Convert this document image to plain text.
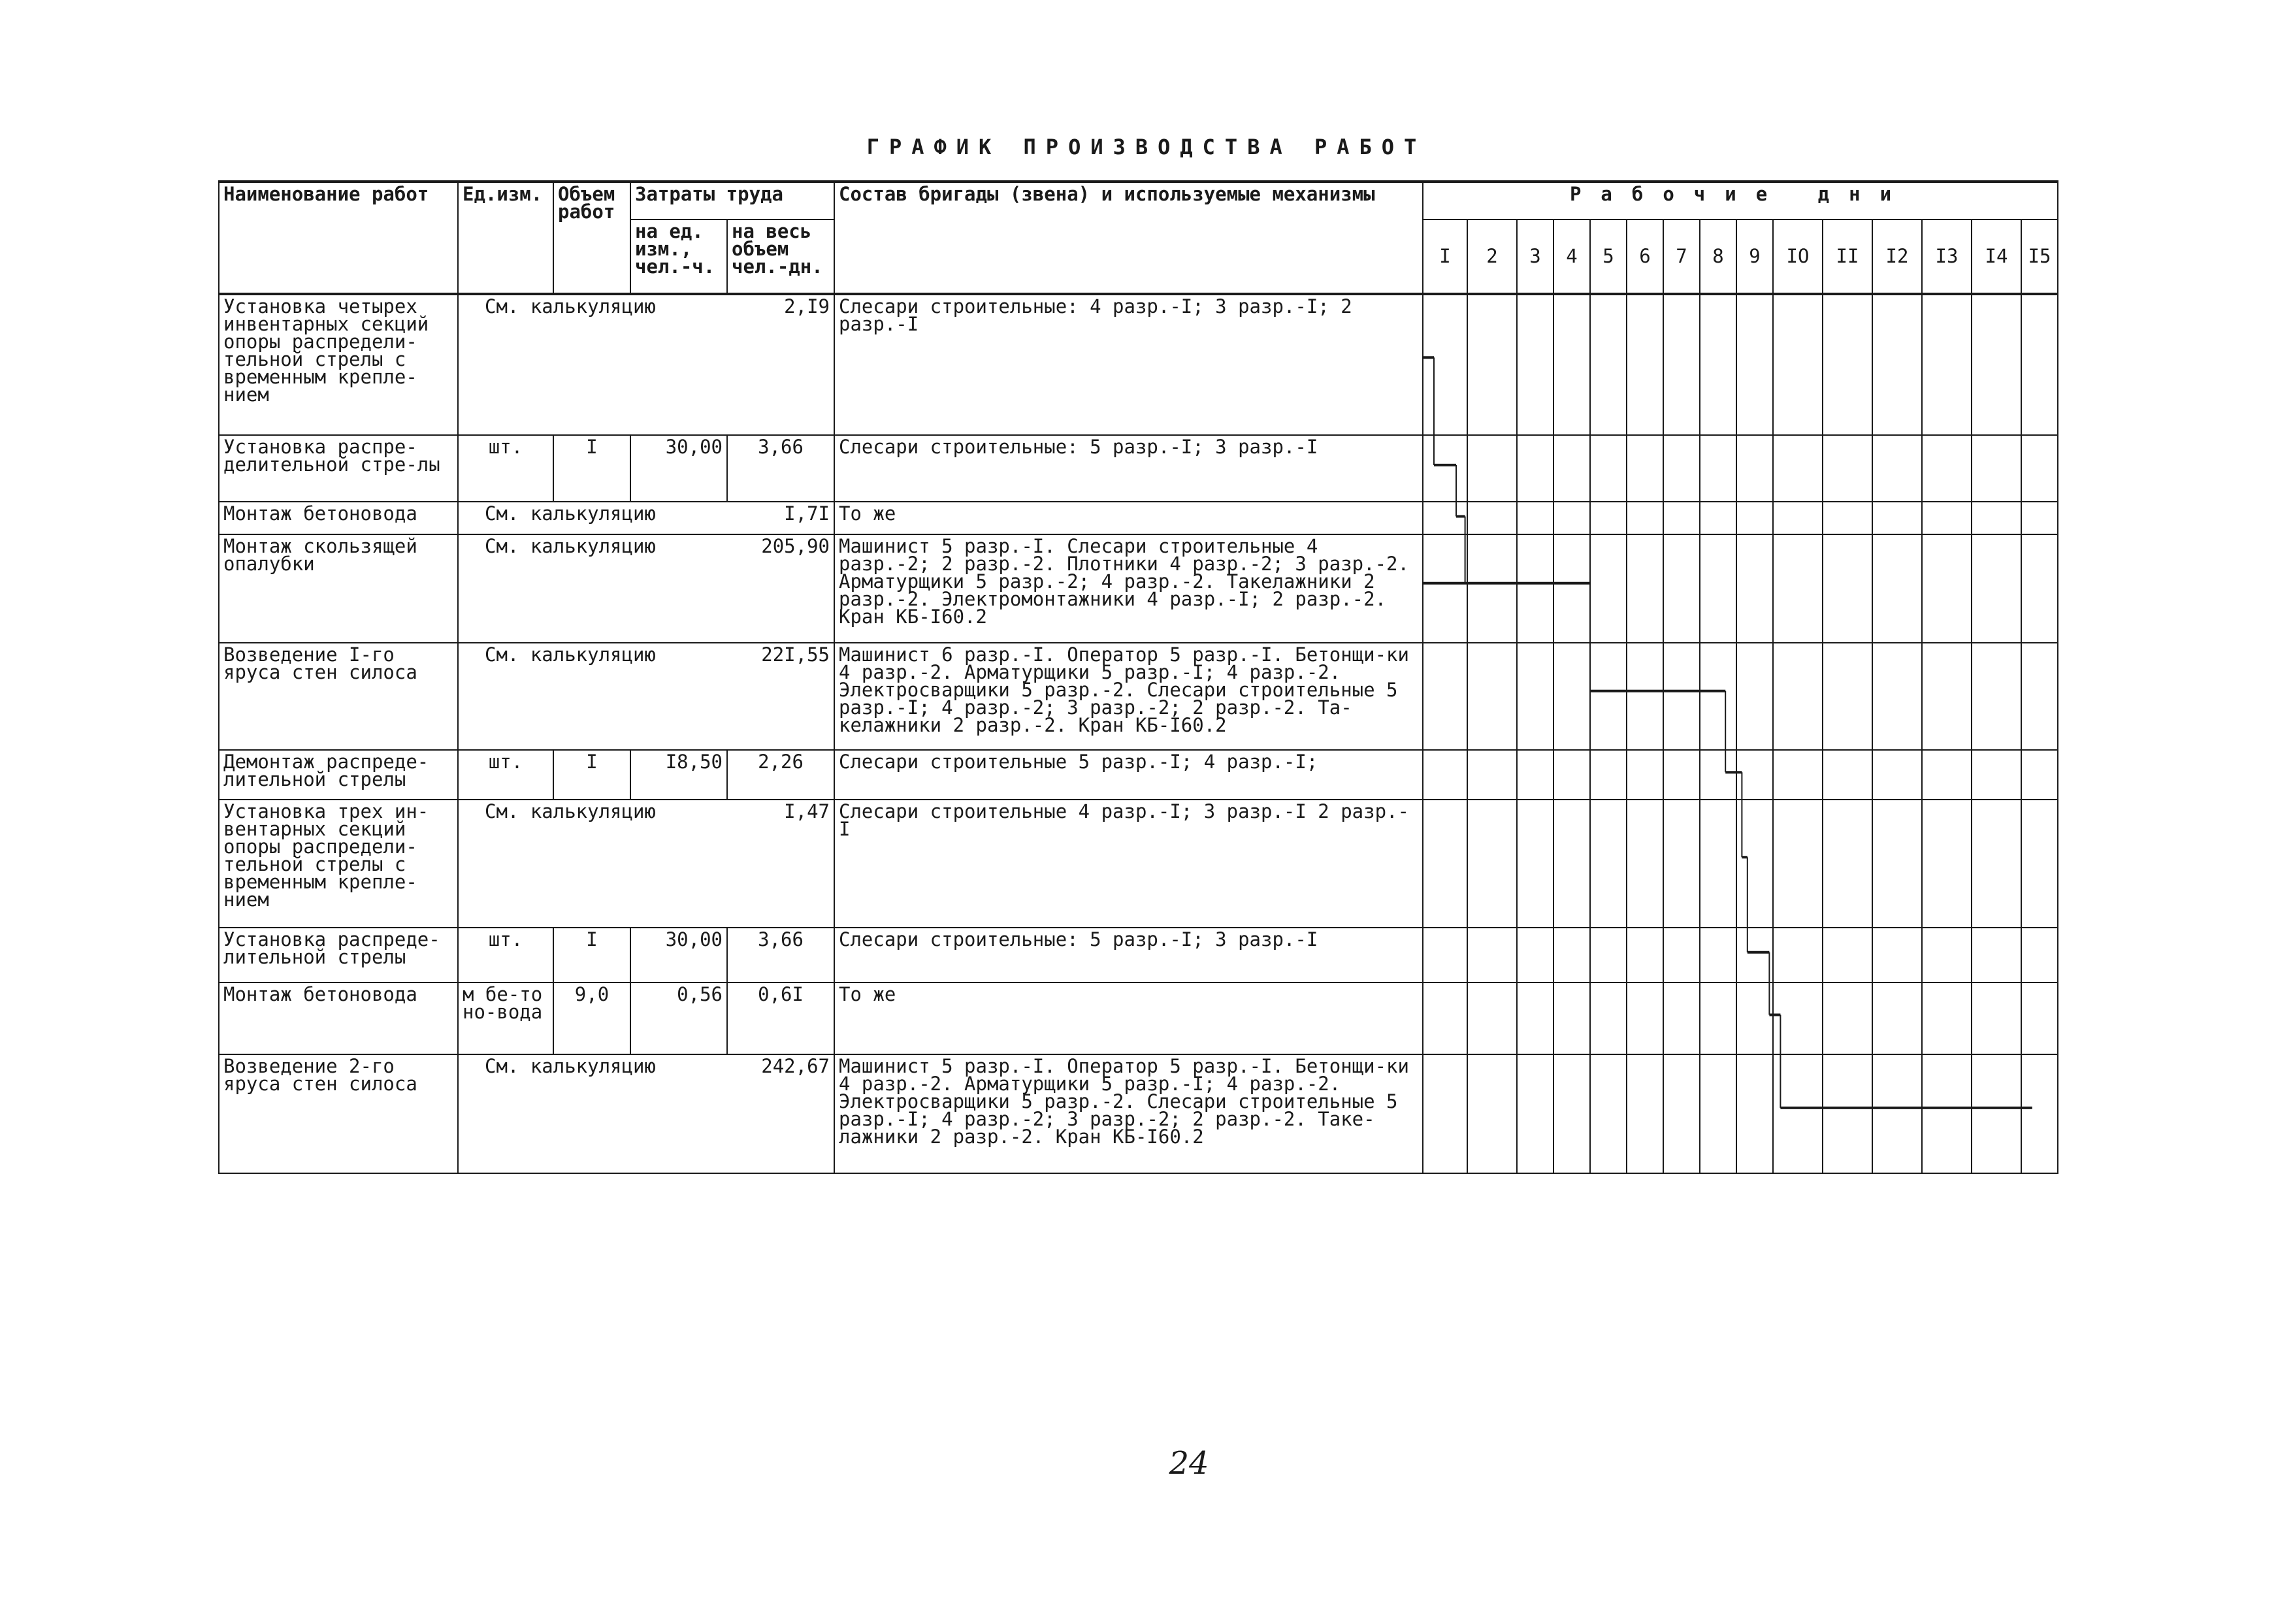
ГРАФИК ПРОИЗВОДСТВА РАБОТ
Наименование работ	Ед.изм.	Объем работ	Затраты труда		Состав бригады (звена) и используемые механизмы	Рабочие дни														
			на ед. изм., чел.-ч.	на весь объем чел.-дн.		I	2	3	4	5	6	7	8	9	IO	II	I2	I3	I4	I5
Установка четырех инвентарных секций опоры распредели-тельной стрелы с временным крепле-нием	См. калькуляцию 2,I9				Слесари строительные: 4 разр.-I; 3 разр.-I; 2 разр.-I															
Установка распре-делительной стре-лы	шт.	I	30,00	3,66	Слесари строительные: 5 разр.-I; 3 разр.-I															
Монтаж бетоновода	См. калькуляцию I,7I				То же															
Монтаж скользящей опалубки	См. калькуляцию 205,90				Машинист 5 разр.-I. Слесари строительные 4 разр.-2; 2 разр.-2. Плотники 4 разр.-2; 3 разр.-2. Арматурщики 5 разр.-2; 4 разр.-2. Такелажники 2 разр.-2. Электромонтажники 4 разр.-I; 2 разр.-2. Кран КБ-I60.2															
Возведение I-го яруса стен силоса	См. калькуляцию 22I,55				Машинист 6 разр.-I. Оператор 5 разр.-I. Бетонщи-ки 4 разр.-2. Арматурщики 5 разр.-I; 4 разр.-2. Электросварщики 5 разр.-2. Слесари строительные 5 разр.-I; 4 разр.-2; 3 разр.-2; 2 разр.-2. Та-келажники 2 разр.-2. Кран КБ-I60.2															
Демонтаж распреде-лительной стрелы	шт.	I	I8,50	2,26	Слесари строительные 5 разр.-I; 4 разр.-I;															
Установка трех ин-вентарных секций опоры распредели-тельной стрелы с временным крепле-нием	См. калькуляцию I,47				Слесари строительные 4 разр.-I; 3 разр.-I 2 разр.-I															
Установка распреде-лительной стрелы	шт.	I	30,00	3,66	Слесари строительные: 5 разр.-I; 3 разр.-I															
Монтаж бетоновода	м бе-тоно-вода	9,0	0,56	0,6I	То же															
Возведение 2-го яруса стен силоса	См. калькуляцию 242,67				Машинист 5 разр.-I. Оператор 5 разр.-I. Бетонщи-ки 4 разр.-2. Арматурщики 5 разр.-I; 4 разр.-2. Электросварщики 5 разр.-2. Слесари строительные 5 разр.-I; 4 разр.-2; 3 разр.-2; 2 разр.-2. Таке-лажники 2 разр.-2. Кран КБ-I60.2															
24
